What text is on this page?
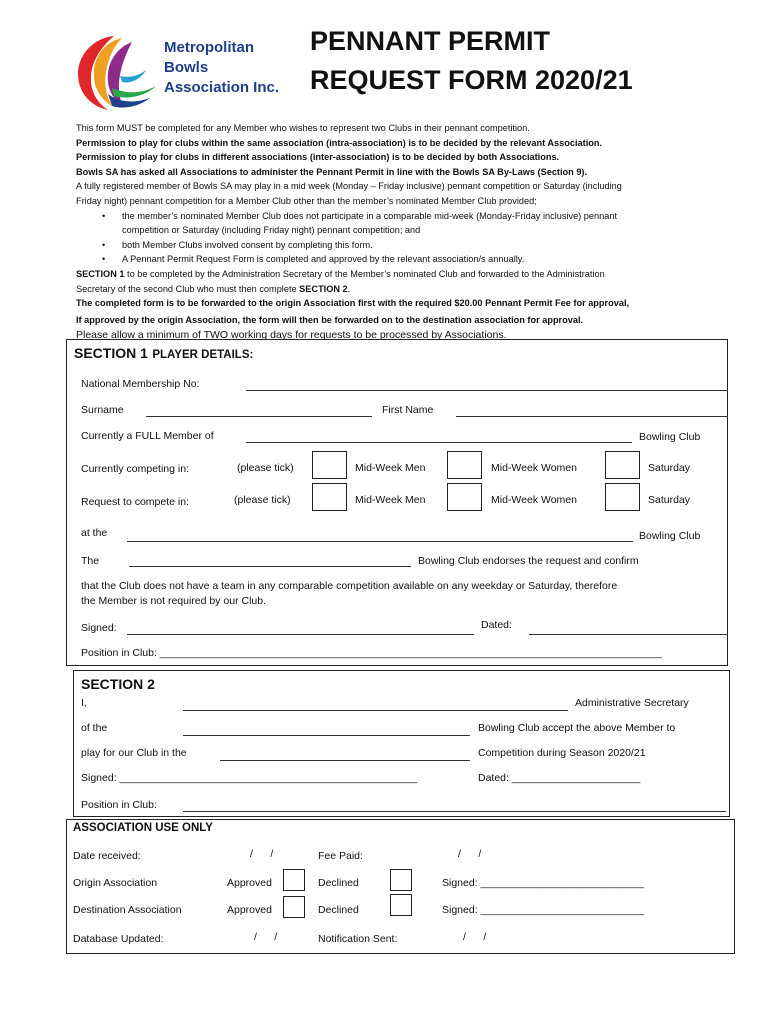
Metropolitan
Bowls
Association Inc.
PENNANT PERMIT
REQUEST FORM 2020/21
This form MUST be completed for any Member who wishes to represent two Clubs in their pennant competition.
Permission to play for clubs within the same association (intra-association) is to be decided by the relevant Association.
Permission to play for clubs in different associations (inter-association) is to be decided by both Associations.
Bowls SA has asked all Associations to administer the Pennant Permit in line with the Bowls SA By-Laws (Section 9).
A fully registered member of Bowls SA may play in a mid week (Monday – Friday inclusive) pennant competition or Saturday (including
Friday night) pennant competition for a Member Club other than the member’s nominated Member Club provided;
• the member’s nominated Member Club does not participate in a comparable mid-week (Monday-Friday inclusive) pennant
competition or Saturday (including Friday night) pennant competition; and
• both Member Clubs involved consent by completing this form.
• A Pennant Permit Request Form is completed and approved by the relevant association/s annually.
SECTION 1 to be completed by the Administration Secretary of the Member’s nominated Club and forwarded to the Administration
Secretary of the second Club who must then complete SECTION 2.
The completed form is to be forwarded to the origin Association first with the required $20.00 Pennant Permit Fee for approval,
If approved by the origin Association, the form will then be forwarded on to the destination association for approval.
Please allow a minimum of TWO working days for requests to be processed by Associations.
SECTION 1 PLAYER DETAILS:
National Membership No:
Surname	First Name
Currently a FULL Member of	Bowling Club
Currently competing in:	(please tick)	Mid-Week Men	Mid-Week Women	Saturday
Request to compete in:	(please tick)	Mid-Week Men	Mid-Week Women	Saturday
at the	Bowling Club
The	Bowling Club endorses the request and confirm
that the Club does not have a team in any comparable competition available on any weekday or Saturday, therefore
the Member is not required by our Club.
Signed:	Dated:
Position in Club: ______________________________________________________________________________________
SECTION 2
I,	Administrative Secretary
of the	Bowling Club accept the above Member to
play for our Club in the	Competition during Season 2020/21
Signed: ___________________________________________________	Dated: ______________________
Position in Club:
ASSOCIATION USE ONLY
Date received:	/      /	Fee Paid:	/      /
Origin Association	Approved	Declined	Signed: ____________________________
Destination Association	Approved	Declined	Signed: ____________________________
Database Updated:	/      /	Notification Sent:	/      /
